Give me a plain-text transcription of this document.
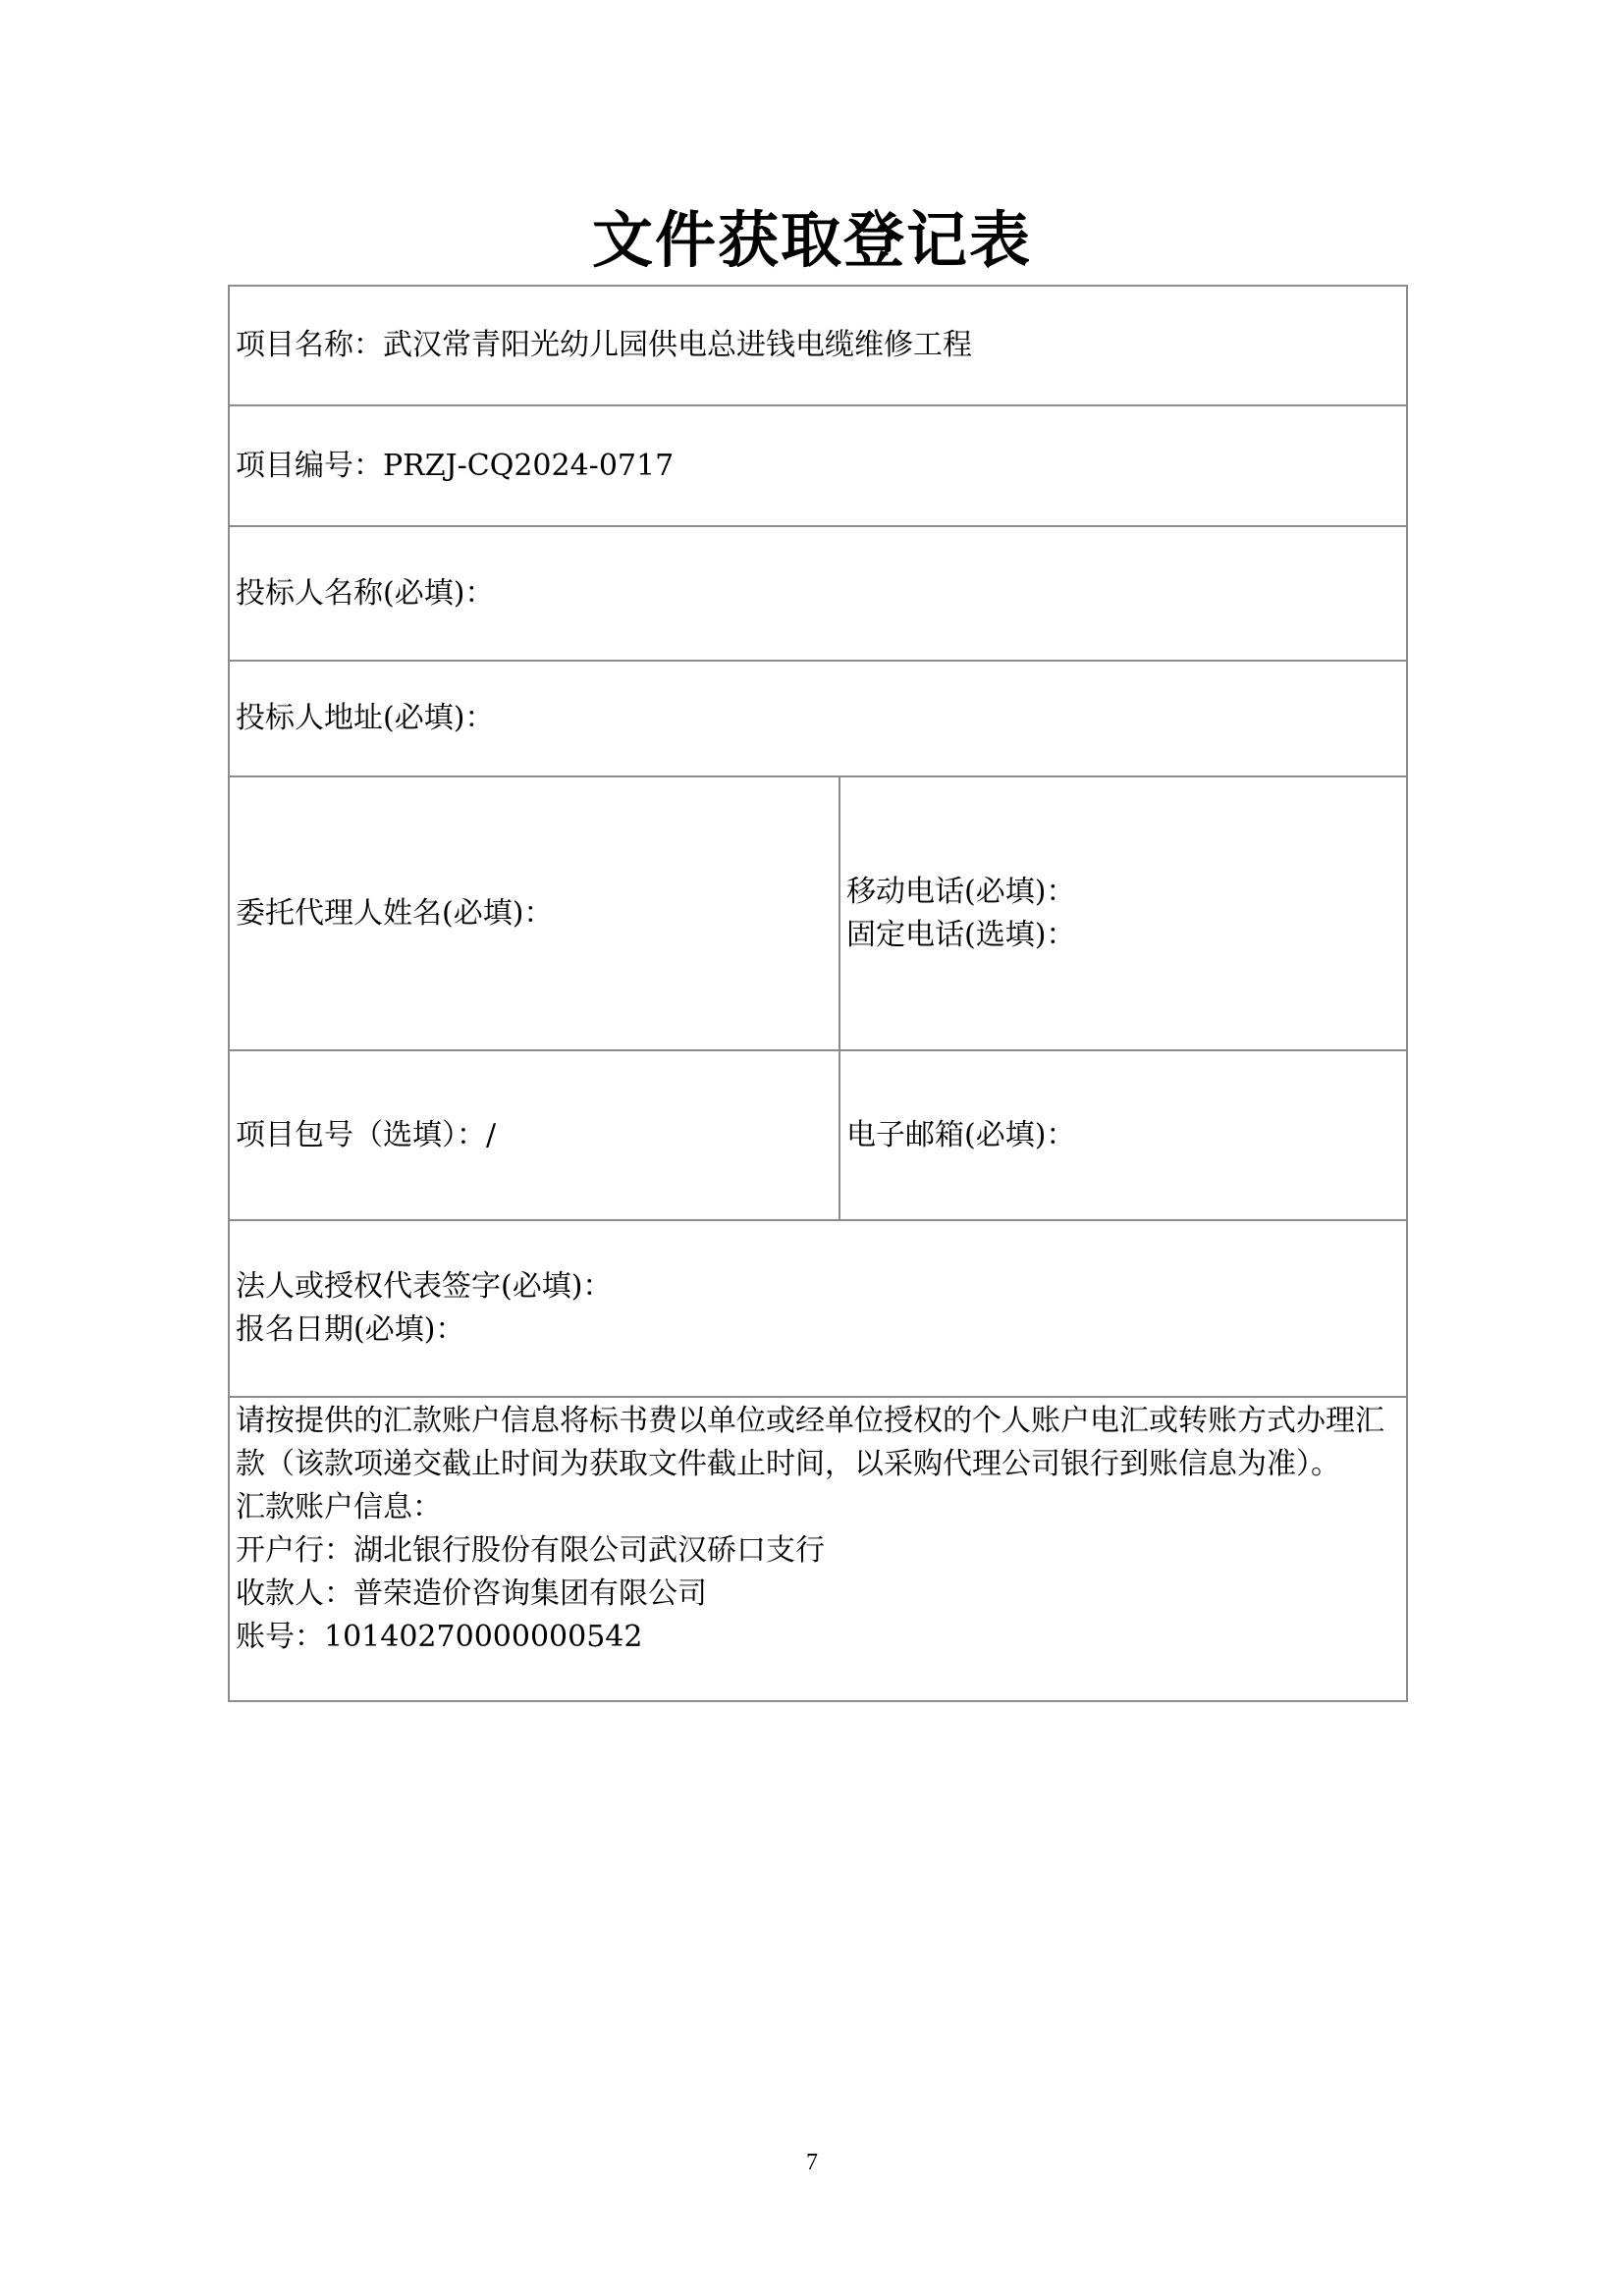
文件获取登记表
项目名称：武汉常青阳光幼儿园供电总进钱电缆维修工程	
项目编号：PRZJ-CQ2024-0717	
投标人名称(必填)：	
投标人地址(必填)：	
委托代理人姓名(必填)：	移动电话(必填)：
固定电话(选填)：

项目包号（选填）：/	电子邮箱(必填)：

法人或授权代表签字(必填)：
报名日期(必填)：	

请按提供的汇款账户信息将标书费以单位或经单位授权的个人账户电汇或转账方式办理汇款（该款项递交截止时间为获取文件截止时间，以采购代理公司银行到账信息为准）。
汇款账户信息：
开户行：湖北银行股份有限公司武汉硚口支行
收款人：普荣造价咨询集团有限公司
账号：10140270000000542	
7
